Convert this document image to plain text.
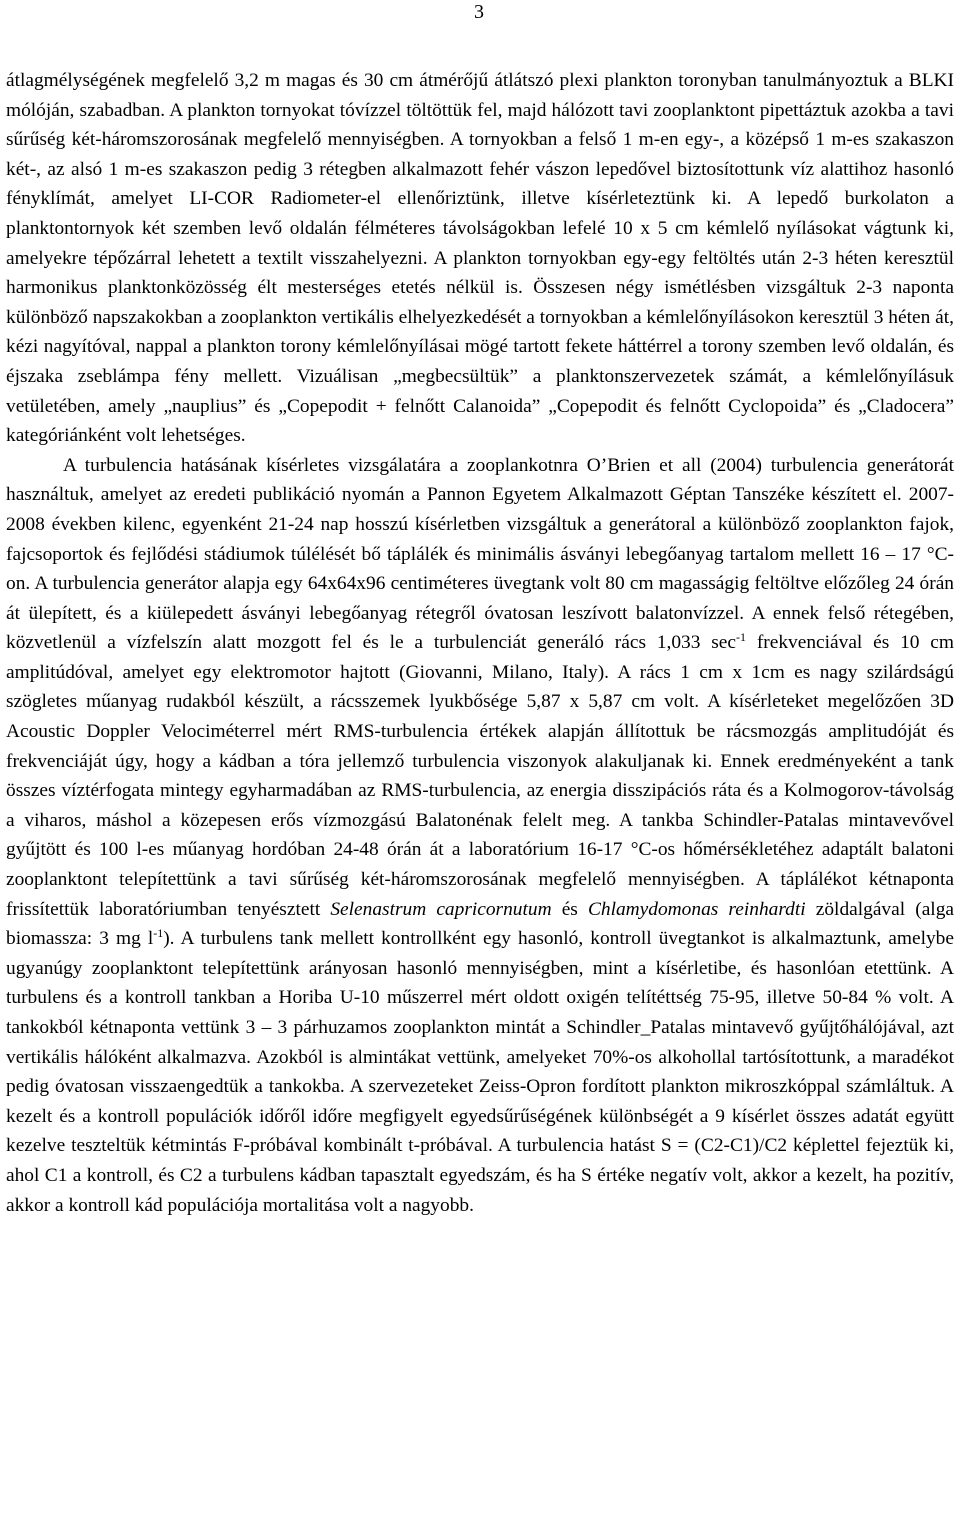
3

átlagmélységének megfelelő 3,2 m magas és 30 cm átmérőjű átlátszó plexi plankton toronyban tanulmányoztuk a BLKI mólóján, szabadban. A plankton tornyokat tóvízzel töltöttük fel, majd hálózott tavi zooplanktont pipettáztuk azokba a tavi sűrűség két-háromszorosának megfelelő mennyiségben. A tornyokban a felső 1 m-en egy-, a középső 1 m-es szakaszon két-, az alsó 1 m-es szakaszon pedig 3 rétegben alkalmazott fehér vászon lepedővel biztosítottunk víz alattihoz hasonló fényklímát, amelyet LI-COR Radiometer-el ellenőriztünk, illetve kísérleteztünk ki. A lepedő burkolaton a planktontornyok két szemben levő oldalán félméteres távolságokban lefelé 10 x 5 cm kémlelő nyílásokat vágtunk ki, amelyekre tépőzárral lehetett a textilt visszahelyezni. A plankton tornyokban egy-egy feltöltés után 2-3 héten keresztül harmonikus planktonközösség élt mesterséges etetés nélkül is. Összesen négy ismétlésben vizsgáltuk 2-3 naponta különböző napszakokban a zooplankton vertikális elhelyezkedését a tornyokban a kémlelőnyílásokon keresztül 3 héten át, kézi nagyítóval, nappal a plankton torony kémlelőnyílásai mögé tartott fekete háttérrel a torony szemben levő oldalán, és éjszaka zseblámpa fény mellett. Vizuálisan „megbecsültük” a planktonszervezetek számát, a kémlelőnyílásuk vetületében, amely „nauplius” és „Copepodit + felnőtt Calanoida” „Copepodit és felnőtt Cyclopoida” és „Cladocera” kategóriánként volt lehetséges.

A turbulencia hatásának kísérletes vizsgálatára a zooplankotnra O’Brien et all (2004) turbulencia generátorát használtuk, amelyet az eredeti publikáció nyomán a Pannon Egyetem Alkalmazott Géptan Tanszéke készített el. 2007-2008 években kilenc, egyenként 21-24 nap hosszú kísérletben vizsgáltuk a generátoral a különböző zooplankton fajok, fajcsoportok és fejlődési stádiumok túlélését bő táplálék és minimális ásványi lebegőanyag tartalom mellett 16 – 17 °C-on. A turbulencia generátor alapja egy 64x64x96 centiméteres üvegtank volt 80 cm magasságig feltöltve előzőleg 24 órán át ülepített, és a kiülepedett ásványi lebegőanyag rétegről óvatosan leszívott balatonvízzel. A ennek felső rétegében, közvetlenül a vízfelszín alatt mozgott fel és le a turbulenciát generáló rács 1,033 $\sec^{-1}$ frekvenciával és 10 cm amplitúdóval, amelyet egy elektromotor hajtott (Giovanni, Milano, Italy). A rács 1 cm x 1cm es nagy szilárdságú szögletes műanyag rudakból készült, a rácsszemek lyukbősége 5,87 x 5,87 cm volt. A kísérleteket megelőzően 3D Acoustic Doppler Velociméterrel mért RMS-turbulencia értékek alapján állítottuk be rácsmozgás amplitudóját és frekvenciáját úgy, hogy a kádban a tóra jellemző turbulencia viszonyok alakuljanak ki. Ennek eredményeként a tank összes víztérfogata mintegy egyharmadában az RMS-turbulencia, az energia disszipációs ráta és a Kolmogorov-távolság a viharos, máshol a közepesen erős vízmozgású Balatonénak felelt meg. A tankba Schindler-Patalas mintavevővel gyűjtött és 100 l-es műanyag hordóban 24-48 órán át a laboratórium 16-17 °C-os hőmérsékletéhez adaptált balatoni zooplanktont telepítettünk a tavi sűrűség két-háromszorosának megfelelő mennyiségben. A táplálékot kétnaponta frissítettük laboratóriumban tenyésztett Selenastrum capricornutum és Chlamydomonas reinhardti zöldalgával (alga biomassza: 3 mg $l^{-1}$). A turbulens tank mellett kontrollként egy hasonló, kontroll üvegtankot is alkalmaztunk, amelybe ugyanúgy zooplanktont telepítettünk arányosan hasonló mennyiségben, mint a kísérletibe, és hasonlóan etettünk. A turbulens és a kontroll tankban a Horiba U-10 műszerrel mért oldott oxigén telítéttség 75-95, illetve 50-84 % volt. A tankokból kétnaponta vettünk 3 – 3 párhuzamos zooplankton mintát a Schindler_Patalas mintavevő gyűjtőhálójával, azt vertikális hálóként alkalmazva. Azokból is almintákat vettünk, amelyeket 70%-os alkohollal tartósítottunk, a maradékot pedig óvatosan visszaengedtük a tankokba. A szervezeteket Zeiss-Opron fordított plankton mikroszkóppal számláltuk. A kezelt és a kontroll populációk időről időre megfigyelt egyedsűrűségének különbségét a 9 kísérlet összes adatát együtt kezelve teszteltük kétmintás F-próbával kombinált t-próbával. A turbulencia hatást S = (C2-C1)/C2 képlettel fejeztük ki, ahol C1 a kontroll, és C2 a turbulens kádban tapasztalt egyedszám, és ha S értéke negatív volt, akkor a kezelt, ha pozitív, akkor a kontroll kád populációja mortalitása volt a nagyobb.
